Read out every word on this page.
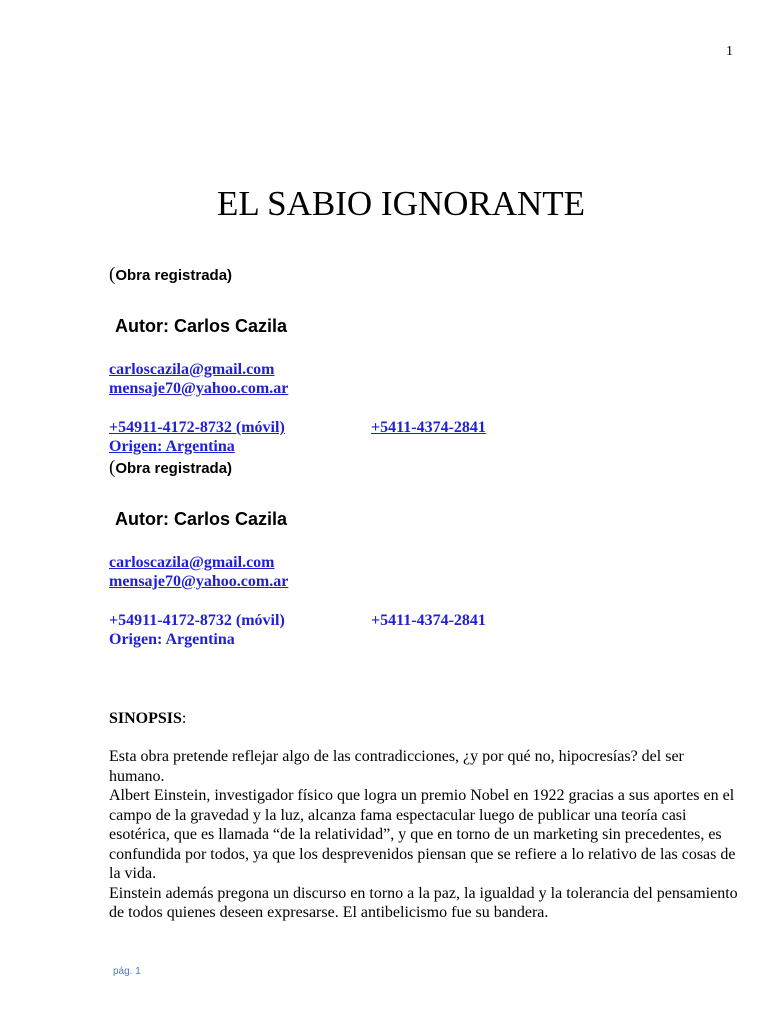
1
EL SABIO IGNORANTE
(Obra registrada)
Autor: Carlos Cazila
carloscazila@gmail.com
mensaje70@yahoo.com.ar
+54911-4172-8732 (móvil)	+5411-4374-2841
Origen: Argentina
(Obra registrada)
Autor: Carlos Cazila
carloscazila@gmail.com
mensaje70@yahoo.com.ar
+54911-4172-8732 (móvil)	+5411-4374-2841
Origen: Argentina
SINOPSIS:

Esta obra pretende reflejar algo de las contradicciones, ¿y por qué no, hipocresías? del ser humano.

Albert Einstein, investigador físico que logra un premio Nobel en 1922 gracias a sus aportes en el campo de la gravedad y la luz, alcanza fama espectacular luego de publicar una teoría casi esotérica, que es llamada “de la relatividad”, y que en torno de un marketing sin precedentes, es confundida por todos, ya que los desprevenidos piensan que se refiere a lo relativo de las cosas de la vida.

Einstein además pregona un discurso en torno a la paz, la igualdad y la tolerancia del pensamiento de todos quienes deseen expresarse. El antibelicismo fue su bandera.

pág. 1
